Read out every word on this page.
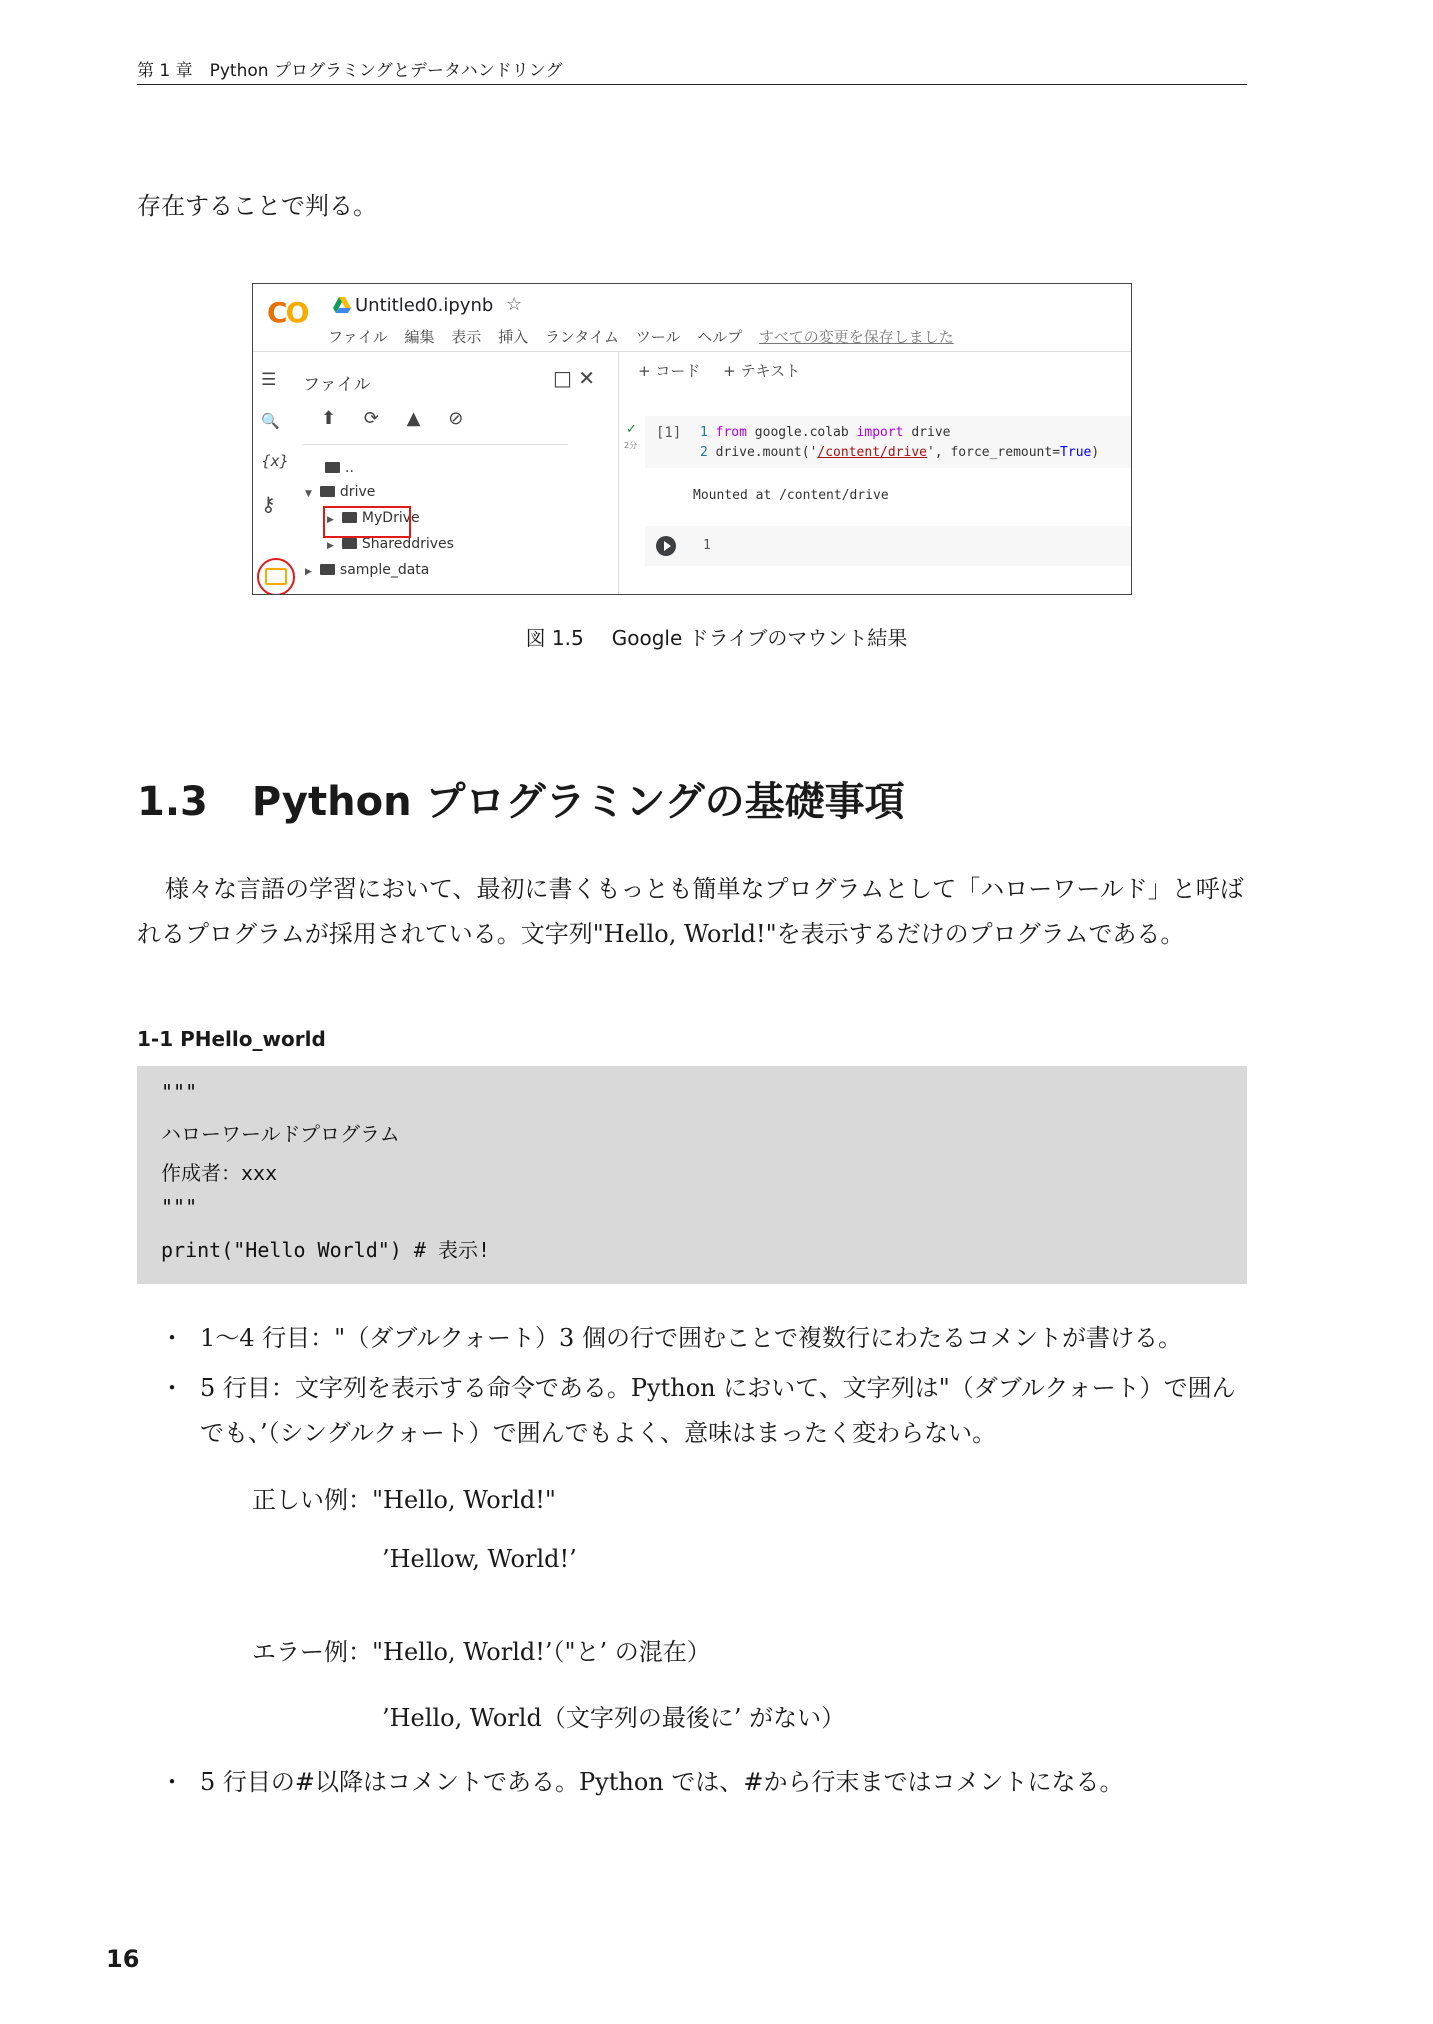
第 1 章　Python プログラミングとデータハンドリング
存在することで判る。
CO	Untitled0.ipynb ☆
ファイル 編集 表示 挿入 ランタイム ツール ヘルプ すべての変更を保存しました
☰
🔍
{x}
⚷
ファイル	□ ✕
⬆ ⟳ ▲ ⊘
..
▼ drive
▶ MyDrive
▶ Shareddrives
▶ sample_data
+ コード + テキスト
✓
2分
[1] 1 from google.colab import drive
2 drive.mount('/content/drive', force_remount=True)
Mounted at /content/drive
1
図 1.5 Google ドライブのマウント結果
1.3 Python プログラミングの基礎事項
様々な言語の学習において、最初に書くもっとも簡単なプログラムとして「ハローワールド」と呼ばれるプログラムが採用されている。文字列"Hello, World!"を表示するだけのプログラムである。
1-1 PHello_world
"""
ハローワールドプログラム
作成者：xxx
"""
print("Hello World") # 表示!
・ 1〜4 行目："（ダブルクォート）3 個の行で囲むことで複数行にわたるコメントが書ける。
・ 5 行目：文字列を表示する命令である。Python において、文字列は"（ダブルクォート）で囲んでも、’（シングルクォート）で囲んでもよく、意味はまったく変わらない。
正しい例："Hello, World!"
’Hellow, World!’
エラー例："Hello, World!’（"と’ の混在）
’Hello, World（文字列の最後に’ がない）
・ 5 行目の#以降はコメントである。Python では、#から行末まではコメントになる。
16
